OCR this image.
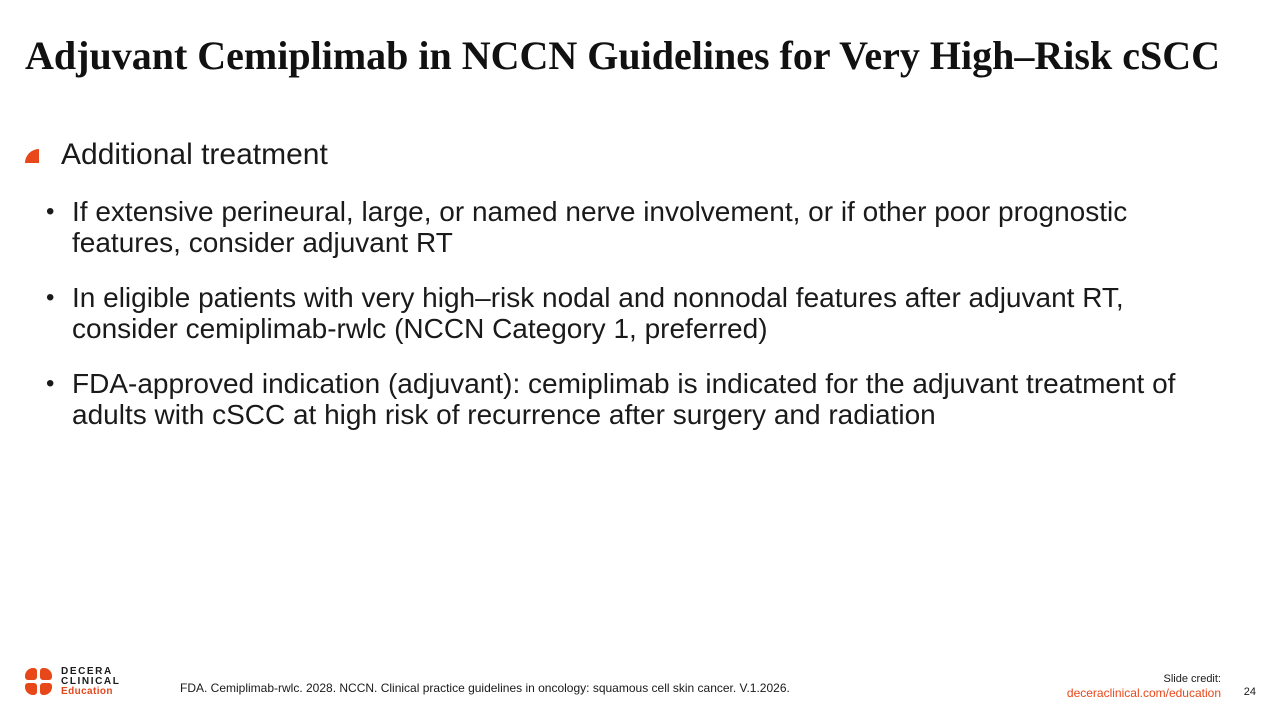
Adjuvant Cemiplimab in NCCN Guidelines for Very High–Risk cSCC
Additional treatment
• If extensive perineural, large, or named nerve involvement, or if other poor prognostic features, consider adjuvant RT
• In eligible patients with very high–risk nodal and nonnodal features after adjuvant RT, consider cemiplimab-rwlc (NCCN Category 1, preferred)
• FDA-approved indication (adjuvant): cemiplimab is indicated for the adjuvant treatment of adults with cSCC at high risk of recurrence after surgery and radiation
DECERA
CLINICAL
Education	FDA. Cemiplimab-rwlc. 2028. NCCN. Clinical practice guidelines in oncology: squamous cell skin cancer. V.1.2026.
Slide credit:
deceraclinical.com/education 24
